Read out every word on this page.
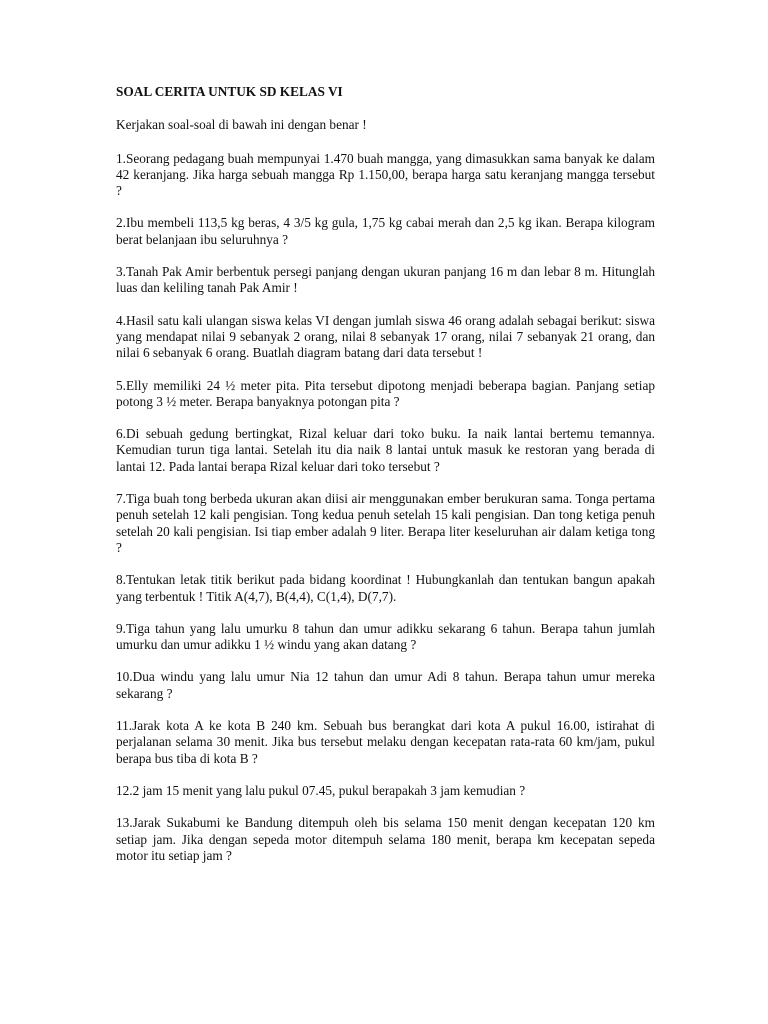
SOAL CERITA UNTUK SD KELAS VI
Kerjakan soal-soal di bawah ini dengan benar !
1.Seorang pedagang buah mempunyai 1.470 buah mangga, yang dimasukkan sama banyak ke dalam 42 keranjang. Jika harga sebuah mangga Rp 1.150,00, berapa harga satu keranjang mangga tersebut ?
2.Ibu membeli 113,5 kg beras, 4 3/5 kg gula, 1,75 kg cabai merah dan 2,5 kg ikan. Berapa kilogram berat belanjaan ibu seluruhnya ?
3.Tanah Pak Amir berbentuk persegi panjang dengan ukuran panjang 16 m dan lebar 8 m. Hitunglah luas dan keliling tanah Pak Amir !
4.Hasil satu kali ulangan siswa kelas VI dengan jumlah siswa 46 orang adalah sebagai berikut: siswa yang mendapat nilai 9 sebanyak 2 orang, nilai 8 sebanyak 17 orang, nilai 7 sebanyak 21 orang, dan nilai 6 sebanyak 6 orang. Buatlah diagram batang dari data tersebut !
5.Elly memiliki 24 ½ meter pita. Pita tersebut dipotong menjadi beberapa bagian. Panjang setiap potong 3 ½ meter. Berapa banyaknya potongan pita ?
6.Di sebuah gedung bertingkat, Rizal keluar dari toko buku. Ia naik lantai bertemu temannya. Kemudian turun tiga lantai. Setelah itu dia naik 8 lantai untuk masuk ke restoran yang berada di lantai 12. Pada lantai berapa Rizal keluar dari toko tersebut ?
7.Tiga buah tong berbeda ukuran akan diisi air menggunakan ember berukuran sama. Tonga pertama penuh setelah 12 kali pengisian. Tong kedua penuh setelah 15 kali pengisian. Dan tong ketiga penuh setelah 20 kali pengisian. Isi tiap ember adalah 9 liter. Berapa liter keseluruhan air dalam ketiga tong ?
8.Tentukan letak titik berikut pada bidang koordinat ! Hubungkanlah dan tentukan bangun apakah yang terbentuk ! Titik A(4,7), B(4,4), C(1,4), D(7,7).
9.Tiga tahun yang lalu umurku 8 tahun dan umur adikku sekarang 6 tahun. Berapa tahun jumlah umurku dan umur adikku 1 ½ windu yang akan datang ?
10.Dua windu yang lalu umur Nia 12 tahun dan umur Adi 8 tahun. Berapa tahun umur mereka sekarang ?
11.Jarak kota A ke kota B 240 km. Sebuah bus berangkat dari kota A pukul 16.00, istirahat di perjalanan selama 30 menit. Jika bus tersebut melaku dengan kecepatan rata-rata 60 km/jam, pukul berapa bus tiba di kota B ?
12.2 jam 15 menit yang lalu pukul 07.45, pukul berapakah 3 jam kemudian ?
13.Jarak Sukabumi ke Bandung ditempuh oleh bis selama 150 menit dengan kecepatan 120 km setiap jam. Jika dengan sepeda motor ditempuh selama 180 menit, berapa km kecepatan sepeda motor itu setiap jam ?
